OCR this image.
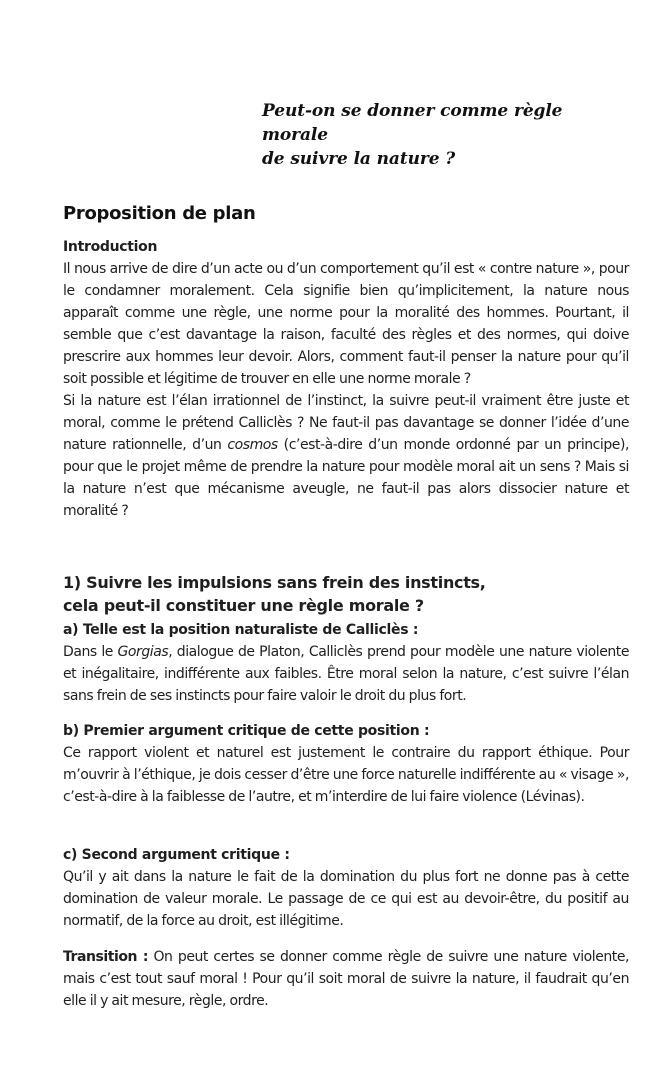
Peut-on se donner comme règle morale
de suivre la nature ?
Proposition de plan
Introduction

Il nous arrive de dire d’un acte ou d’un comportement qu’il est « contre nature », pour le condamner moralement. Cela signifie bien qu’implicitement, la nature nous apparaît comme une règle, une norme pour la moralité des hommes. Pourtant, il semble que c’est davantage la raison, faculté des règles et des normes, qui doive prescrire aux hommes leur devoir. Alors, comment faut-il penser la nature pour qu’il soit possible et légitime de trouver en elle une norme morale ?

Si la nature est l’élan irrationnel de l’instinct, la suivre peut-il vraiment être juste et moral, comme le prétend Calliclès ? Ne faut-il pas davantage se donner l’idée d’une nature rationnelle, d’un cosmos (c’est-à-dire d’un monde ordonné par un principe), pour que le projet même de prendre la nature pour modèle moral ait un sens ? Mais si la nature n’est que mécanisme aveugle, ne faut-il pas alors dissocier nature et moralité ?

1) Suivre les impulsions sans frein des instincts,
cela peut-il constituer une règle morale ?
a) Telle est la position naturaliste de Calliclès :

Dans le Gorgias, dialogue de Platon, Calliclès prend pour modèle une nature violente et inégalitaire, indifférente aux faibles. Être moral selon la nature, c’est suivre l’élan sans frein de ses instincts pour faire valoir le droit du plus fort.

b) Premier argument critique de cette position :

Ce rapport violent et naturel est justement le contraire du rapport éthique. Pour m’ouvrir à l’éthique, je dois cesser d’être une force naturelle indifférente au « visage », c’est-à-dire à la faiblesse de l’autre, et m’interdire de lui faire violence (Lévinas).

c) Second argument critique :

Qu’il y ait dans la nature le fait de la domination du plus fort ne donne pas à cette domination de valeur morale. Le passage de ce qui est au devoir-être, du positif au normatif, de la force au droit, est illégitime.

Transition : On peut certes se donner comme règle de suivre une nature violente, mais c’est tout sauf moral ! Pour qu’il soit moral de suivre la nature, il faudrait qu’en elle il y ait mesure, règle, ordre.
